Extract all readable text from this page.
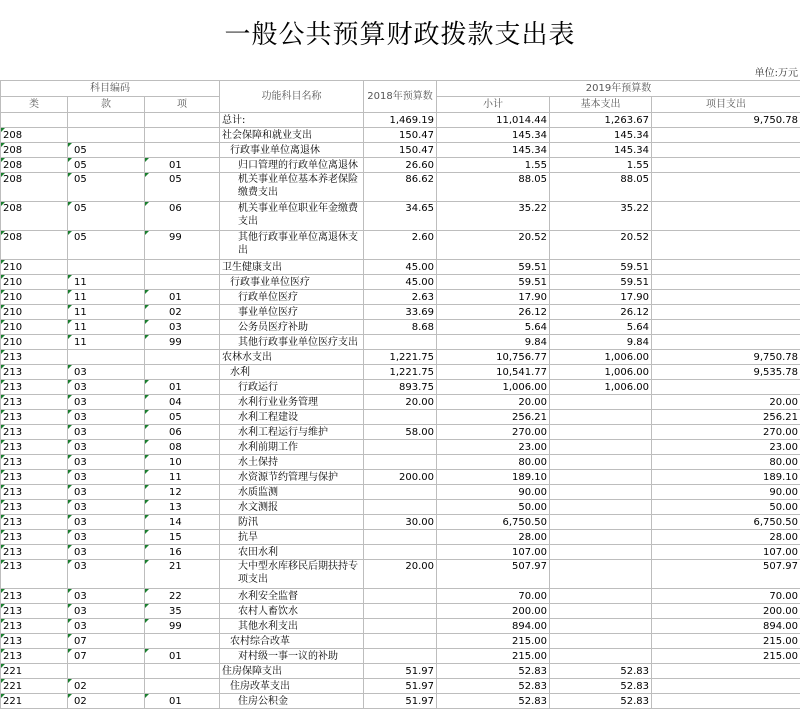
一般公共预算财政拨款支出表
单位:万元
科目编码			功能科目名称	2018年预算数	2019年预算数		
类	款	项			小计	基本支出	项目支出
			总计:	1,469.19	11,014.44	1,263.67	9,750.78
208			社会保障和就业支出	150.47	145.34	145.34	
208	05		行政事业单位离退休	150.47	145.34	145.34	
208	05	01	归口管理的行政单位离退休	26.60	1.55	1.55	
208	05	05	机关事业单位基本养老保险缴费支出	86.62	88.05	88.05	
208	05	06	机关事业单位职业年金缴费支出	34.65	35.22	35.22	
208	05	99	其他行政事业单位离退休支出	2.60	20.52	20.52	
210			卫生健康支出	45.00	59.51	59.51	
210	11		行政事业单位医疗	45.00	59.51	59.51	
210	11	01	行政单位医疗	2.63	17.90	17.90	
210	11	02	事业单位医疗	33.69	26.12	26.12	
210	11	03	公务员医疗补助	8.68	5.64	5.64	
210	11	99	其他行政事业单位医疗支出		9.84	9.84	
213			农林水支出	1,221.75	10,756.77	1,006.00	9,750.78
213	03		水利	1,221.75	10,541.77	1,006.00	9,535.78
213	03	01	行政运行	893.75	1,006.00	1,006.00	
213	03	04	水利行业业务管理	20.00	20.00		20.00
213	03	05	水利工程建设		256.21		256.21
213	03	06	水利工程运行与维护	58.00	270.00		270.00
213	03	08	水利前期工作		23.00		23.00
213	03	10	水土保持		80.00		80.00
213	03	11	水资源节约管理与保护	200.00	189.10		189.10
213	03	12	水质监测		90.00		90.00
213	03	13	水文测报		50.00		50.00
213	03	14	防汛	30.00	6,750.50		6,750.50
213	03	15	抗旱		28.00		28.00
213	03	16	农田水利		107.00		107.00
213	03	21	大中型水库移民后期扶持专项支出	20.00	507.97		507.97
213	03	22	水利安全监督		70.00		70.00
213	03	35	农村人畜饮水		200.00		200.00
213	03	99	其他水利支出		894.00		894.00
213	07		农村综合改革		215.00		215.00
213	07	01	对村级一事一议的补助		215.00		215.00
221			住房保障支出	51.97	52.83	52.83	
221	02		住房改革支出	51.97	52.83	52.83	
221	02	01	住房公积金	51.97	52.83	52.83	
